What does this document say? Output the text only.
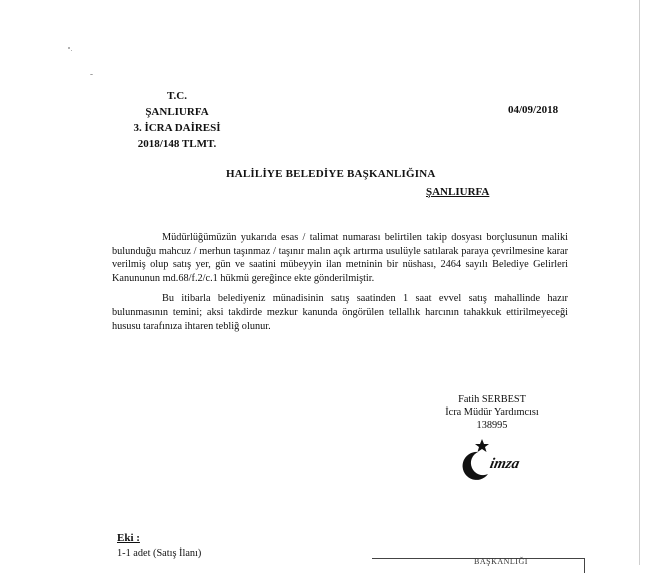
T.C.
ŞANLIURFA
3. İCRA DAİRESİ
2018/148 TLMT.
04/09/2018
HALİLİYE BELEDİYE BAŞKANLIĞINA
ŞANLIURFA

Müdürlüğümüzün yukarıda esas / talimat numarası belirtilen takip dosyası borçlusunun maliki bulunduğu mahcuz / merhun taşınmaz / taşınır malın açık artırma usulüyle satılarak paraya çevrilmesine karar verilmiş olup satış yer, gün ve saatini mübeyyin ilan metninin bir nüshası, 2464 sayılı Belediye Gelirleri Kanununun md.68/f.2/c.1 hükmü gereğince ekte gönderilmiştir.

Bu itibarla belediyeniz münadisinin satış saatinden 1 saat evvel satış mahallinde hazır bulunmasının temini; aksi takdirde mezkur kanunda öngörülen tellallık harcının tahakkuk ettirilmeyeceği hususu tarafınıza ihtaren tebliğ olunur.

Fatih SERBEST
İcra Müdür Yardımcısı
138995
imza
Eki :
1-1 adet (Satış İlanı)
BAŞKANLIĞI
